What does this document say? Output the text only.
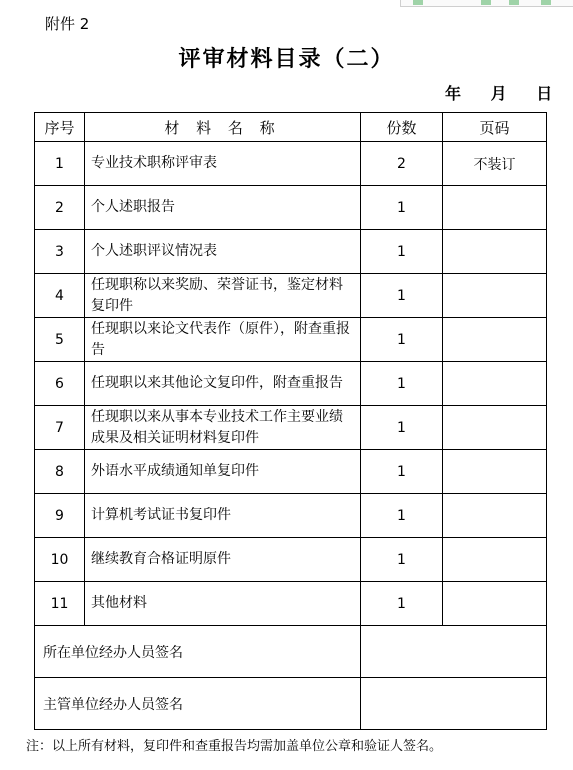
附件 2
评审材料目录（二）
年 月 日
序号	材 料 名 称	份数	页码
1	专业技术职称评审表	2	不装订
2	个人述职报告	1	
3	个人述职评议情况表	1	
4	任现职称以来奖励、荣誉证书，鉴定材料复印件	1	
5	任现职以来论文代表作（原件），附查重报告	1	
6	任现职以来其他论文复印件，附查重报告	1	
7	任现职以来从事本专业技术工作主要业绩成果及相关证明材料复印件	1	
8	外语水平成绩通知单复印件	1	
9	计算机考试证书复印件	1	
10	继续教育合格证明原件	1	
11	其他材料	1	
所在单位经办人员签名			
主管单位经办人员签名			
注：以上所有材料，复印件和查重报告均需加盖单位公章和验证人签名。
